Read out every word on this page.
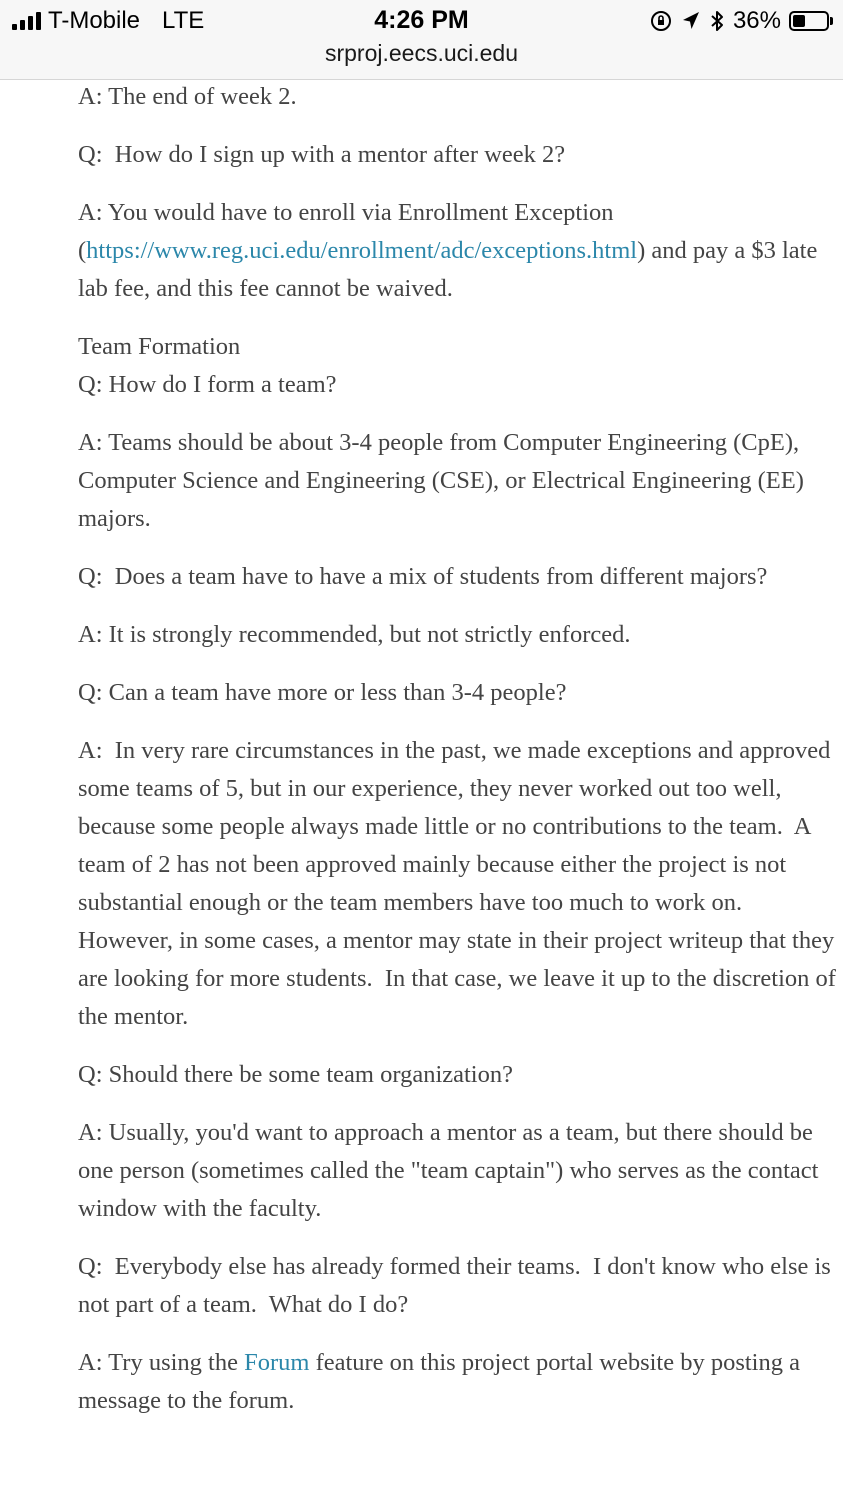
T-Mobile LTE	4:26 PM	36%
srproj.eecs.uci.edu

A: The end of week 2.

Q:  How do I sign up with a mentor after week 2?

A: You would have to enroll via Enrollment Exception (https://www.reg.uci.edu/enrollment/adc/exceptions.html) and pay a $3 late lab fee, and this fee cannot be waived.

Team Formation

Q: How do I form a team?

A: Teams should be about 3-4 people from Computer Engineering (CpE), Computer Science and Engineering (CSE), or Electrical Engineering (EE) majors.

Q:  Does a team have to have a mix of students from different majors?

A: It is strongly recommended, but not strictly enforced.

Q: Can a team have more or less than 3-4 people?

A:  In very rare circumstances in the past, we made exceptions and approved some teams of 5, but in our experience, they never worked out too well, because some people always made little or no contributions to the team.  A team of 2 has not been approved mainly because either the project is not substantial enough or the team members have too much to work on.  However, in some cases, a mentor may state in their project writeup that they are looking for more students.  In that case, we leave it up to the discretion of the mentor.

Q: Should there be some team organization?

A: Usually, you'd want to approach a mentor as a team, but there should be one person (sometimes called the "team captain") who serves as the contact window with the faculty.

Q:  Everybody else has already formed their teams.  I don't know who else is not part of a team.  What do I do?

A: Try using the Forum feature on this project portal website by posting a message to the forum.
